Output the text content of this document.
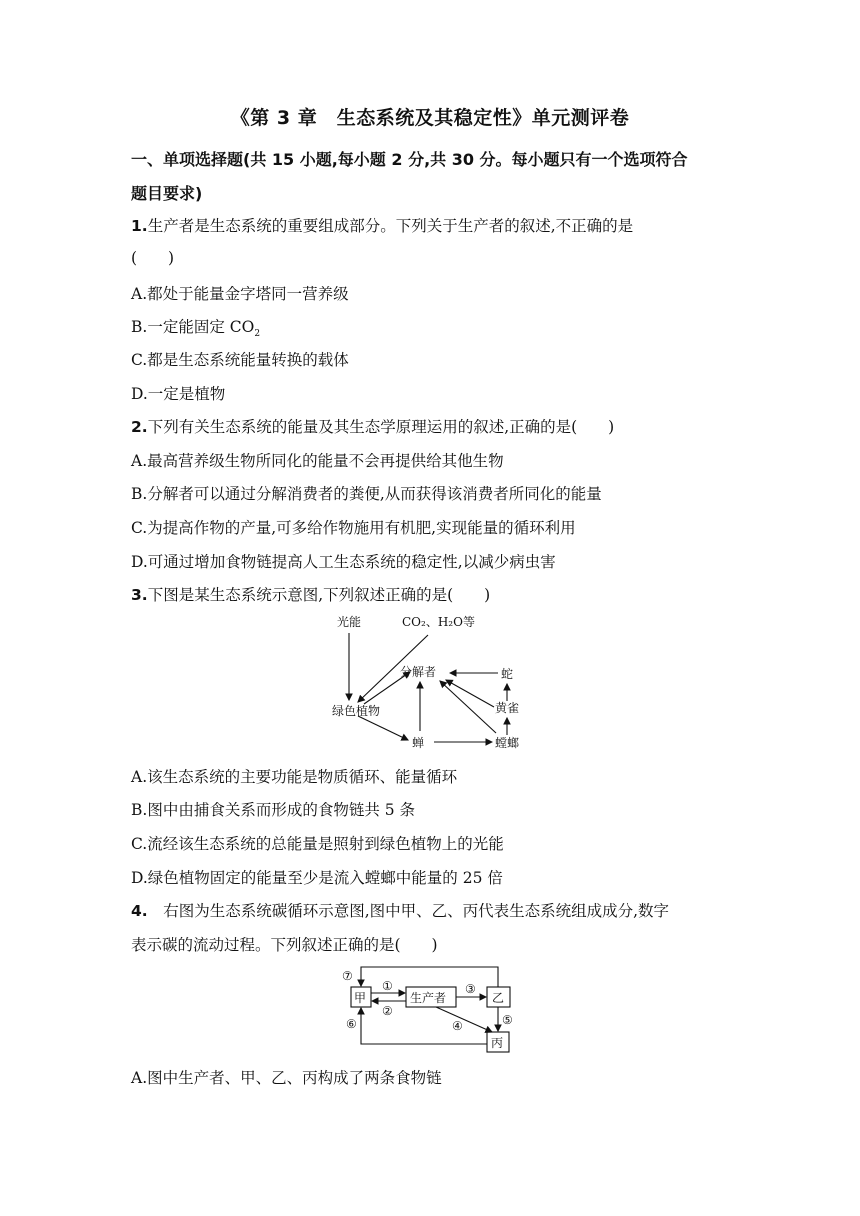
《第 3 章　生态系统及其稳定性》单元测评卷
一、单项选择题(共 15 小题,每小题 2 分,共 30 分。每小题只有一个选项符合
题目要求)
1.生产者是生态系统的重要组成部分。下列关于生产者的叙述,不正确的是
(　　)
A.都处于能量金字塔同一营养级
B.一定能固定 $CO_2$
C.都是生态系统能量转换的载体
D.一定是植物
2.下列有关生态系统的能量及其生态学原理运用的叙述,正确的是(　　)
A.最高营养级生物所同化的能量不会再提供给其他生物
B.分解者可以通过分解消费者的粪便,从而获得该消费者所同化的能量
C.为提高作物的产量,可多给作物施用有机肥,实现能量的循环利用
D.可通过增加食物链提高人工生态系统的稳定性,以减少病虫害
3.下图是某生态系统示意图,下列叙述正确的是(　　)
光能	CO₂、H₂O等
分解者	蛇
黄雀
绿色植物
蝉	螳螂
A.该生态系统的主要功能是物质循环、能量循环
B.图中由捕食关系而形成的食物链共 5 条
C.流经该生态系统的总能量是照射到绿色植物上的光能
D.绿色植物固定的能量至少是流入螳螂中能量的 25 倍
4.　右图为生态系统碳循环示意图,图中甲、乙、丙代表生态系统组成成分,数字
表示碳的流动过程。下列叙述正确的是(　　)
甲	生产者	乙
丙
⑦
①
②
③
④	⑤
⑥
A.图中生产者、甲、乙、丙构成了两条食物链
